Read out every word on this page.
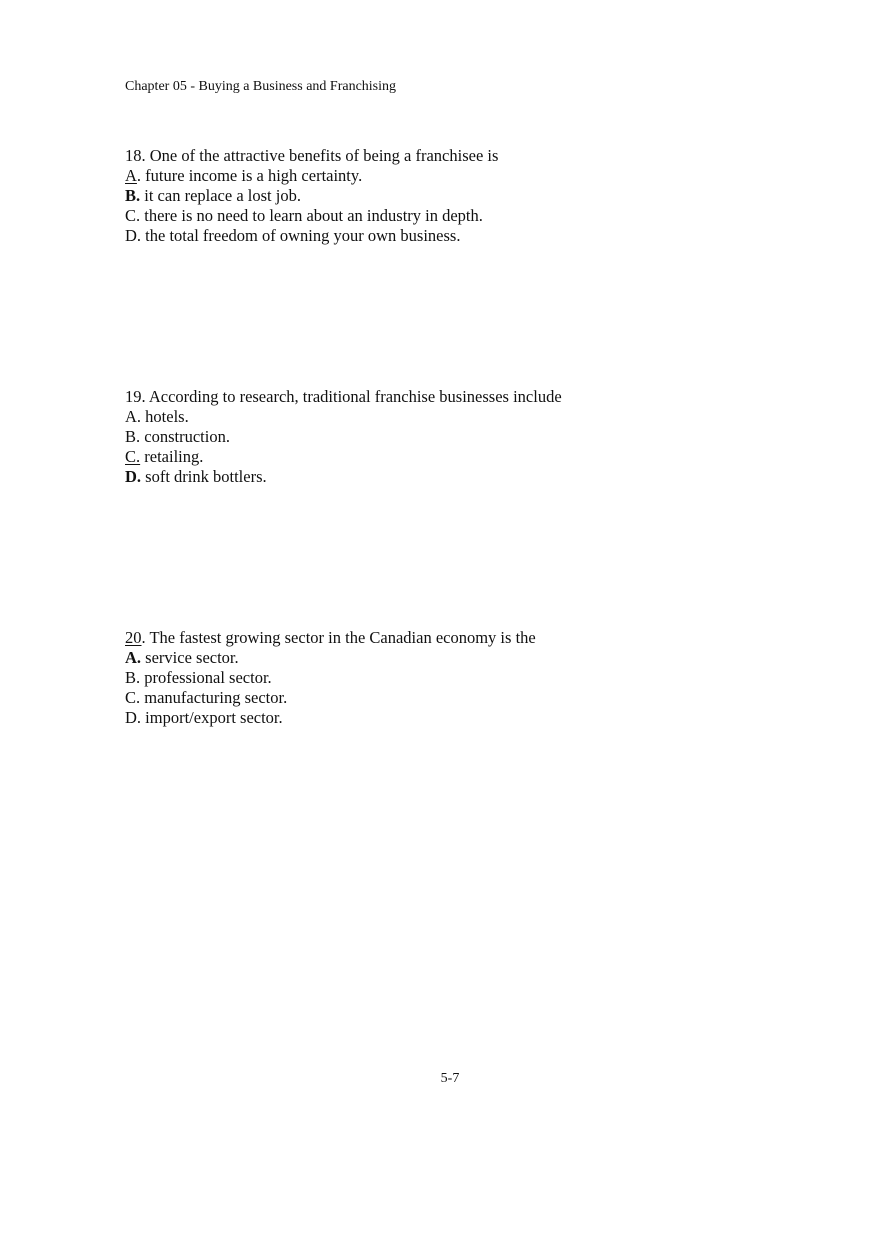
Chapter 05 - Buying a Business and Franchising
18. One of the attractive benefits of being a franchisee is
A. future income is a high certainty.
B. it can replace a lost job.
C. there is no need to learn about an industry in depth.
D. the total freedom of owning your own business.
19. According to research, traditional franchise businesses include
A. hotels.
B. construction.
C. retailing.
D. soft drink bottlers.
20. The fastest growing sector in the Canadian economy is the
A. service sector.
B. professional sector.
C. manufacturing sector.
D. import/export sector.
5-7
